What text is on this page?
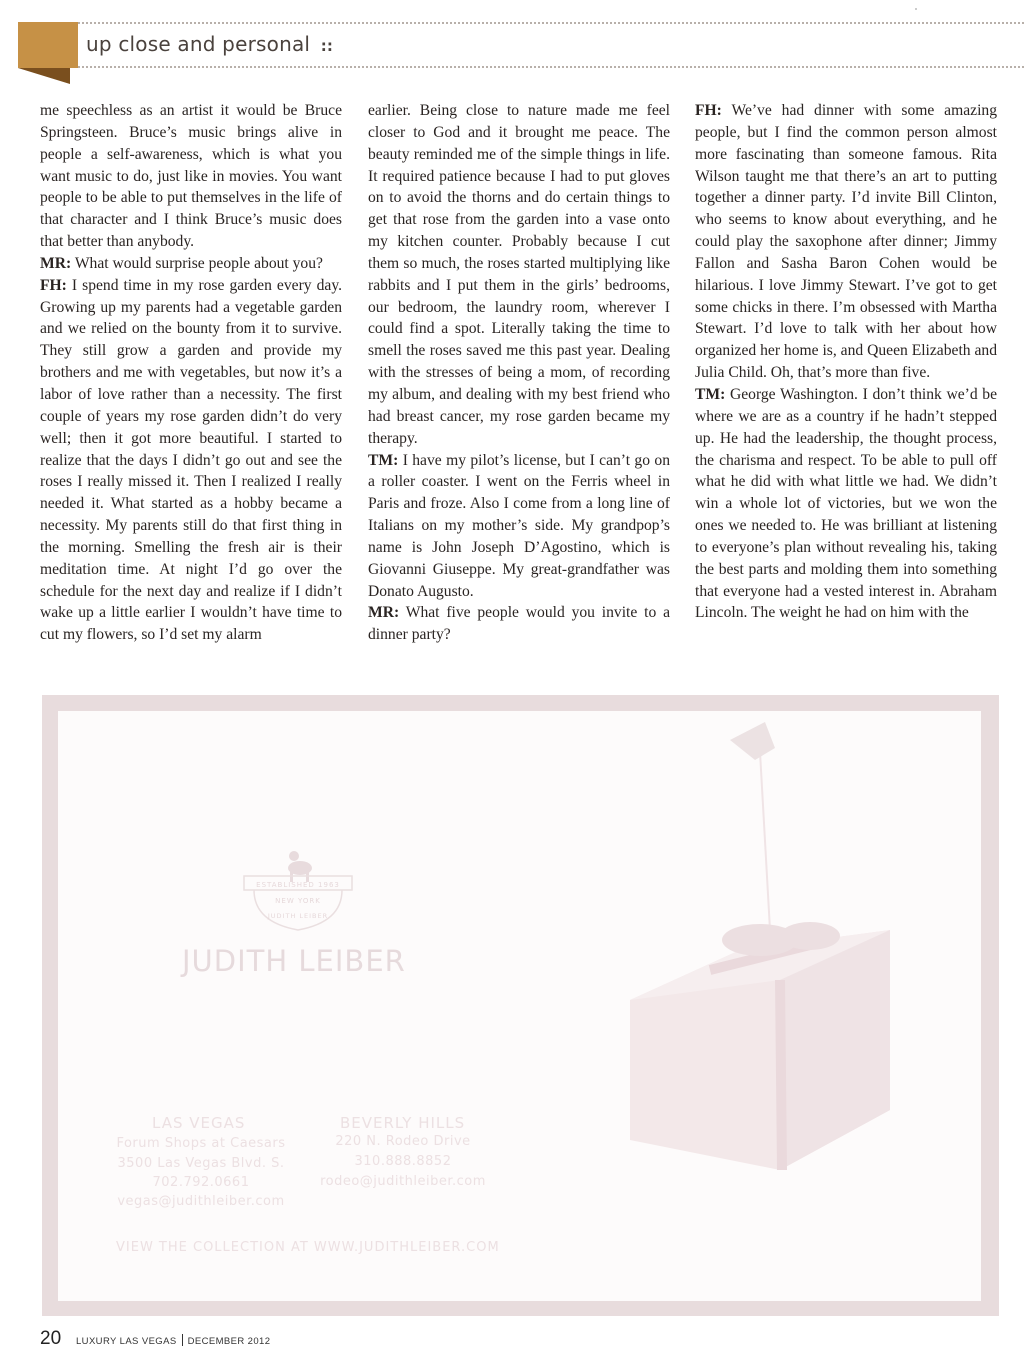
up close and personal ::

me speechless as an artist it would be Bruce Springsteen. Bruce’s music brings alive in people a self-awareness, which is what you want music to do, just like in movies. You want people to be able to put themselves in the life of that character and I think Bruce’s music does that better than anybody.

MR: What would surprise people about you?

FH: I spend time in my rose garden every day. Growing up my parents had a vegetable garden and we relied on the bounty from it to survive. They still grow a garden and provide my brothers and me with vegetables, but now it’s a labor of love rather than a necessity. The first couple of years my rose garden didn’t do very well; then it got more beautiful. I started to realize that the days I didn’t go out and see the roses I really missed it. Then I realized I really needed it. What started as a hobby became a necessity. My parents still do that first thing in the morning. Smelling the fresh air is their meditation time. At night I’d go over the schedule for the next day and realize if I didn’t wake up a little earlier I wouldn’t have time to cut my flowers, so I’d set my alarm

earlier. Being close to nature made me feel closer to God and it brought me peace. The beauty reminded me of the simple things in life. It required patience because I had to put gloves on to avoid the thorns and do certain things to get that rose from the garden into a vase onto my kitchen counter. Probably because I cut them so much, the roses started multiplying like rabbits and I put them in the girls’ bedrooms, our bedroom, the laundry room, wherever I could find a spot. Literally taking the time to smell the roses saved me this past year. Dealing with the stresses of being a mom, of recording my album, and dealing with my best friend who had breast cancer, my rose garden became my therapy.

TM: I have my pilot’s license, but I can’t go on a roller coaster. I went on the Ferris wheel in Paris and froze. Also I come from a long line of Italians on my mother’s side. My grandpop’s name is John Joseph D’Agostino, which is Giovanni Giuseppe. My great-grandfather was Donato Augusto.

MR: What five people would you invite to a dinner party?

FH: We’ve had dinner with some amazing people, but I find the common person almost more fascinating than someone famous. Rita Wilson taught me that there’s an art to putting together a dinner party. I’d invite Bill Clinton, who seems to know about everything, and he could play the saxophone after dinner; Jimmy Fallon and Sasha Baron Cohen would be hilarious. I love Jimmy Stewart. I’ve got to get some chicks in there. I’m obsessed with Martha Stewart. I’d love to talk with her about how organized her home is, and Queen Elizabeth and Julia Child. Oh, that’s more than five.

TM: George Washington. I don’t think we’d be where we are as a country if he hadn’t stepped up. He had the leadership, the thought process, the charisma and respect. To be able to pull off what he did with what little we had. We didn’t win a whole lot of victories, but we won the ones we needed to. He was brilliant at listening to everyone’s plan without revealing his, taking the best parts and molding them into something that everyone had a vested interest in. Abraham Lincoln. The weight he had on him with the

ESTABLISHED 1963
NEW YORK
JUDITH LEIBER
JUDITH LEIBER
LAS VEGAS
Forum Shops at Caesars
3500 Las Vegas Blvd. S.
702.792.0661
vegas@judithleiber.com
BEVERLY HILLS
220 N. Rodeo Drive
310.888.8852
rodeo@judithleiber.com
VIEW THE COLLECTION AT WWW.JUDITHLEIBER.COM
20 LUXURY LAS VEGAS DECEMBER 2012
